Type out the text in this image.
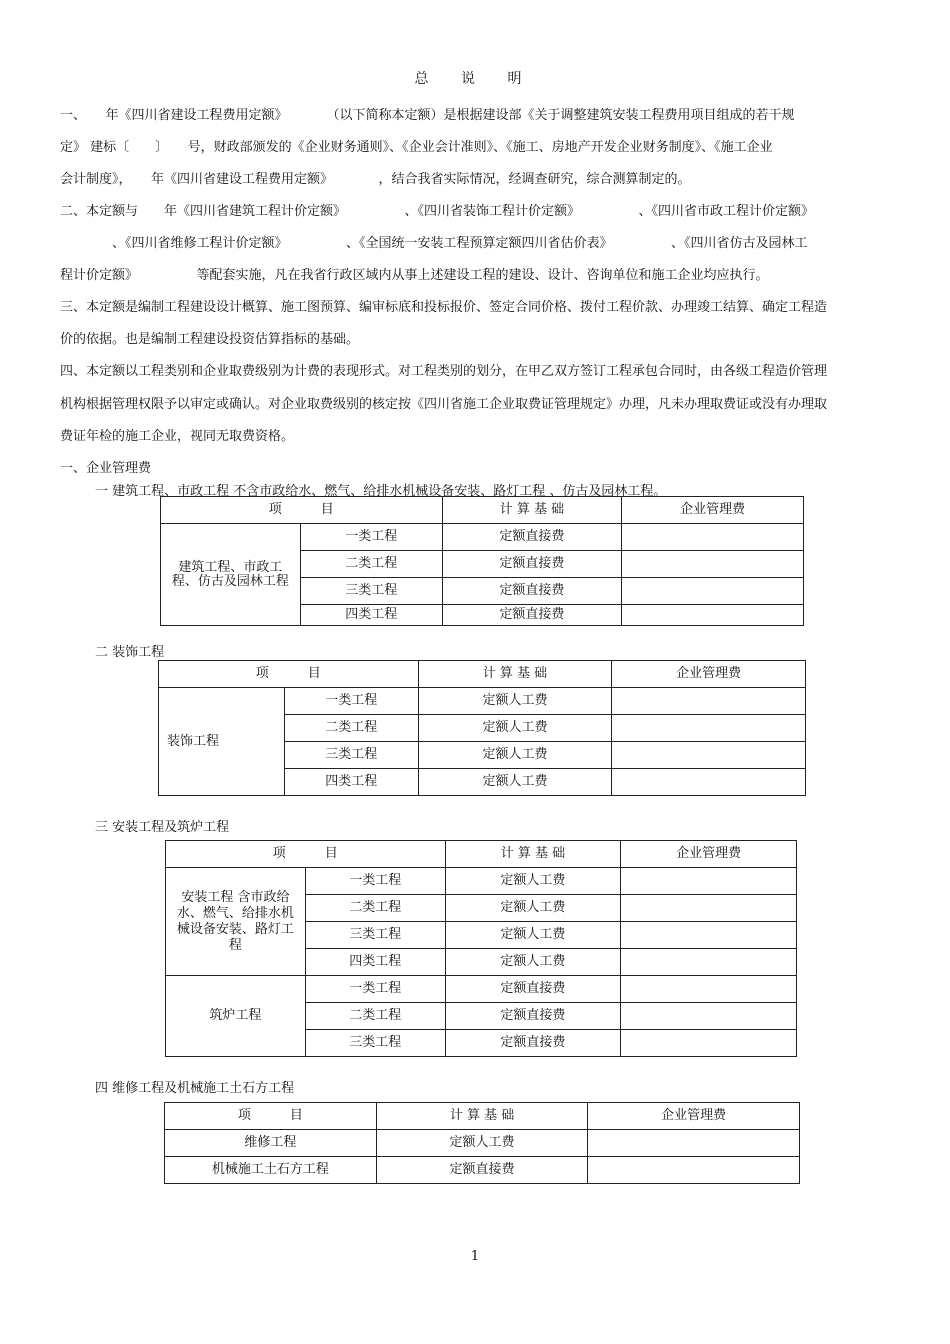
总 说 明
一、　　年《四川省建设工程费用定额》　　　　（以下简称本定额）是根据建设部《关于调整建筑安装工程费用项目组成的若干规
定》 建标〔　　〕　　号，财政部颁发的《企业财务通则》、《企业会计准则》、《施工、房地产开发企业财务制度》、《施工企业
会计制度》，　　年《四川省建设工程费用定额》　　　　，结合我省实际情况，经调查研究，综合测算制定的。
二、本定额与　　年《四川省建筑工程计价定额》　　　　　、《四川省装饰工程计价定额》　　　　　、《四川省市政工程计价定额》
　　　　、《四川省维修工程计价定额》　　　　　、《全国统一安装工程预算定额四川省估价表》　　　　　、《四川省仿古及园林工
程计价定额》　　　　　等配套实施，凡在我省行政区域内从事上述建设工程的建设、设计、咨询单位和施工企业均应执行。
三、本定额是编制工程建设设计概算、施工图预算、编审标底和投标报价、签定合同价格、拨付工程价款、办理竣工结算、确定工程造
价的依据。也是编制工程建设投资估算指标的基础。
四、本定额以工程类别和企业取费级别为计费的表现形式。对工程类别的划分，在甲乙双方签订工程承包合同时，由各级工程造价管理
机构根据管理权限予以审定或确认。对企业取费级别的核定按《四川省施工企业取费证管理规定》办理，凡未办理取费证或没有办理取
费证年检的施工企业，视同无取费资格。
一、企业管理费
一 建筑工程、市政工程 不含市政给水、燃气、给排水机械设备安装、路灯工程 、仿古及园林工程。
项　　　目		计 算 基 础	企业管理费
建筑工程、市政工程、仿古及园林工程	一类工程	定额直接费	
	二类工程	定额直接费	
	三类工程	定额直接费	
	四类工程	定额直接费	
二 装饰工程
项　　　目		计 算 基 础	企业管理费
装饰工程	一类工程	定额人工费	
	二类工程	定额人工费	
	三类工程	定额人工费	
	四类工程	定额人工费	
三 安装工程及筑炉工程
项　　　目		计 算 基 础	企业管理费
安装工程 含市政给水、燃气、给排水机械设备安装、路灯工程	一类工程	定额人工费	
	二类工程	定额人工费	
	三类工程	定额人工费	
	四类工程	定额人工费	
筑炉工程	一类工程	定额直接费	
	二类工程	定额直接费	
	三类工程	定额直接费	
四 维修工程及机械施工土石方工程
项　　　目	计 算 基 础	企业管理费
维修工程	定额人工费	
机械施工土石方工程	定额直接费	
1
